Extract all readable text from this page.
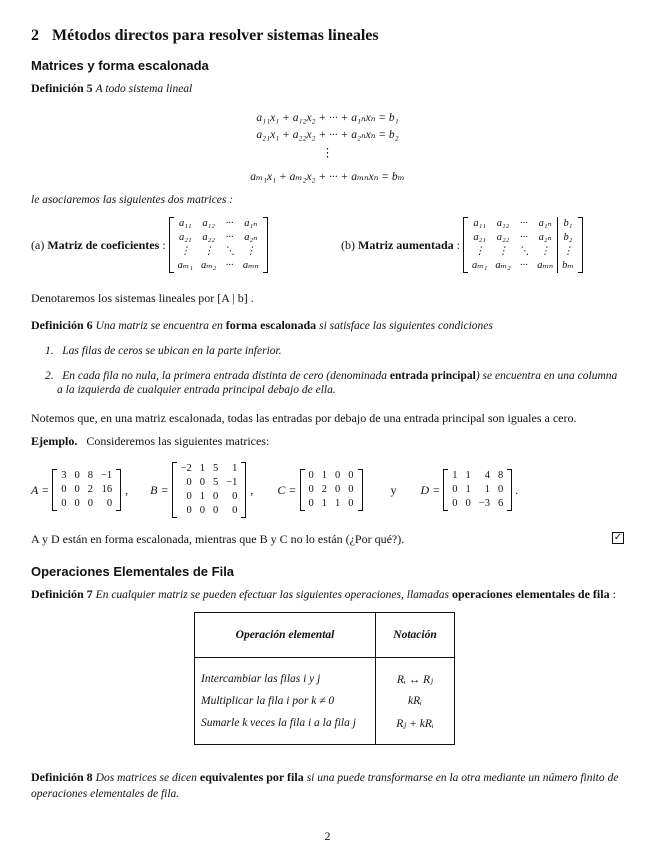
2 Métodos directos para resolver sistemas lineales
Matrices y forma escalonada
Definición 5 A todo sistema lineal
a₁₁x₁ + a₁₂x₂ + ··· + a₁ₙxₙ = b₁
a₂₁x₁ + a₂₂x₂ + ··· + a₂ₙxₙ = b₂
⋮
aₘ₁x₁ + aₘ₂x₂ + ··· + aₘₙxₙ = bₘ
le asociaremos las siguientes dos matrices :
(a)
Matriz de coeficientes
:

a₁₁	a₁₂	···	a₁ₙ
a₂₁	a₂₂	···	a₂ₙ
⋮	⋮	⋱	⋮
aₘ₁	aₘ₂	···	aₘₙ
(b)
Matriz aumentada
:

a₁₁	a₁₂	···	a₁ₙ	b₁
a₂₁	a₂₂	···	a₂ₙ	b₂
⋮	⋮	⋱	⋮	⋮
aₘ₁	aₘ₂	···	aₘₙ	bₘ
Denotaremos los sistemas lineales por [A | b] .
Definición 6 Una matriz se encuentra en forma escalonada si satisface las siguientes condiciones
1. Las filas de ceros se ubican en la parte inferior.
2. En cada fila no nula, la primera entrada distinta de cero (denominada entrada principal) se encuentra en una columna
a la izquierda de cualquier entrada principal debajo de ella.
Notemos que, en una matriz escalonada, todas las entradas por debajo de una entrada principal son iguales a cero.
Ejemplo. Consideremos las siguientes matrices:
A =

3	0	8	−1
0	0	2	16
0	0	0	0
, B =

−2	1	5	1
0	0	5	−1
0	1	0	0
0	0	0	0
, C =

0	1	0	0
0	2	0	0
0	1	1	0
y D =

1	1	4	8
0	1	1	0
0	0	−3	6
.
A y D están en forma escalonada, mientras que B y C no lo están (¿Por qué?).	✓
Operaciones Elementales de Fila
Definición 7 En cualquier matriz se pueden efectuar las siguientes operaciones, llamadas operaciones elementales de fila :
Operación elemental	Notación
Intercambiar las filas i y j	Rᵢ ↔ Rⱼ
Multiplicar la fila i por k ≠ 0	kRᵢ
Sumarle k veces la fila i a la fila j	Rⱼ + kRᵢ
Definición 8 Dos matrices se dicen equivalentes por fila si una puede transformarse en la otra mediante un número finito de operaciones elementales de fila.
2
